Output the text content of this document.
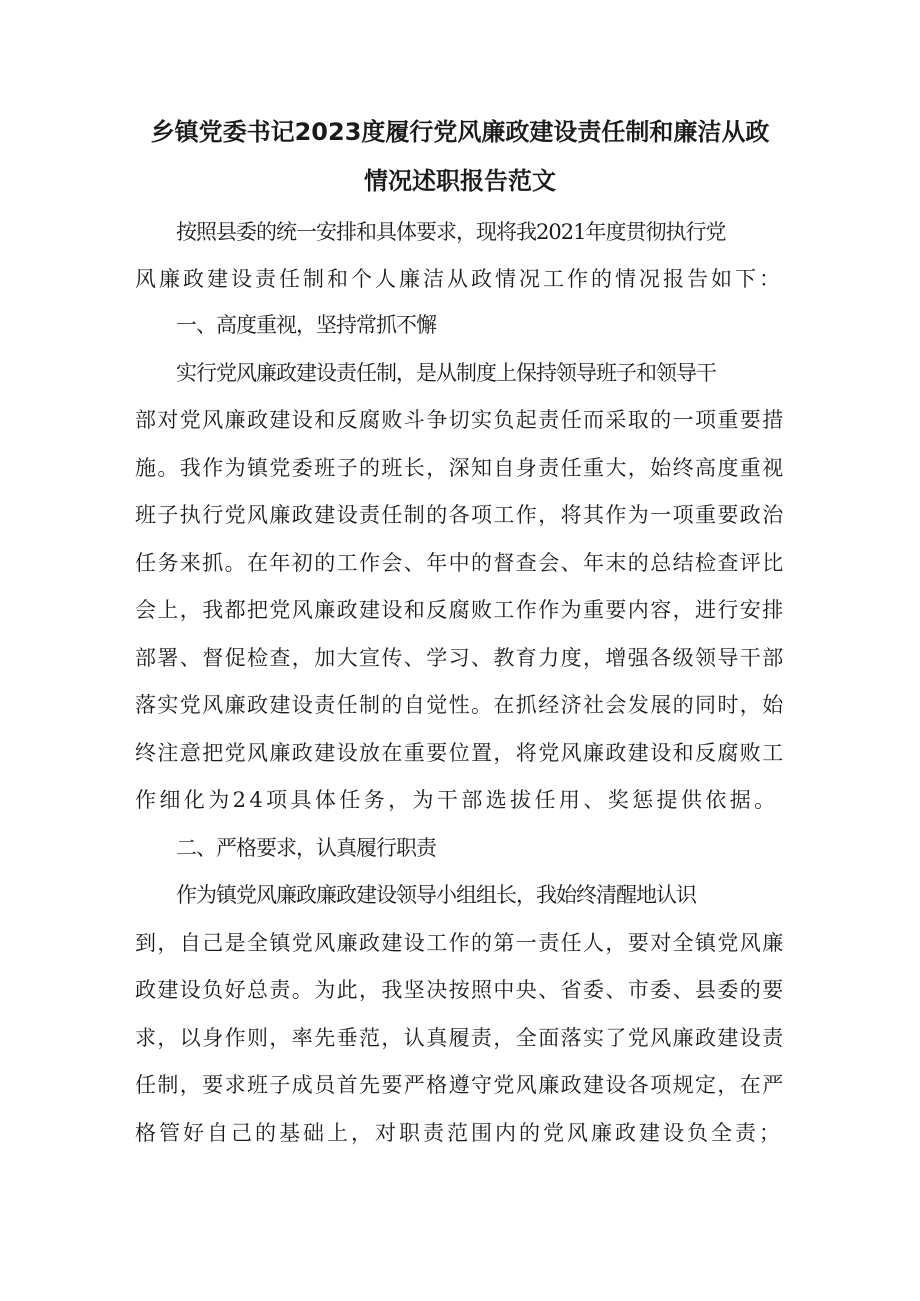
乡镇党委书记2023度履行党风廉政建设责任制和廉洁从政
情况述职报告范文

按照县委的统一安排和具体要求，现将我2021年度贯彻执行党

风廉政建设责任制和个人廉洁从政情况工作的情况报告如下：

一、高度重视，坚持常抓不懈

实行党风廉政建设责任制，是从制度上保持领导班子和领导干

部对党风廉政建设和反腐败斗争切实负起责任而采取的一项重要措

施。我作为镇党委班子的班长，深知自身责任重大，始终高度重视

班子执行党风廉政建设责任制的各项工作，将其作为一项重要政治

任务来抓。在年初的工作会、年中的督查会、年末的总结检查评比

会上，我都把党风廉政建设和反腐败工作作为重要内容，进行安排

部署、督促检查，加大宣传、学习、教育力度，增强各级领导干部

落实党风廉政建设责任制的自觉性。在抓经济社会发展的同时，始

终注意把党风廉政建设放在重要位置，将党风廉政建设和反腐败工

作细化为24项具体任务，为干部选拔任用、奖惩提供依据。

二、严格要求，认真履行职责

作为镇党风廉政廉政建设领导小组组长，我始终清醒地认识

到，自己是全镇党风廉政建设工作的第一责任人，要对全镇党风廉

政建设负好总责。为此，我坚决按照中央、省委、市委、县委的要

求，以身作则，率先垂范，认真履责，全面落实了党风廉政建设责

任制，要求班子成员首先要严格遵守党风廉政建设各项规定，在严

格管好自己的基础上，对职责范围内的党风廉政建设负全责；
